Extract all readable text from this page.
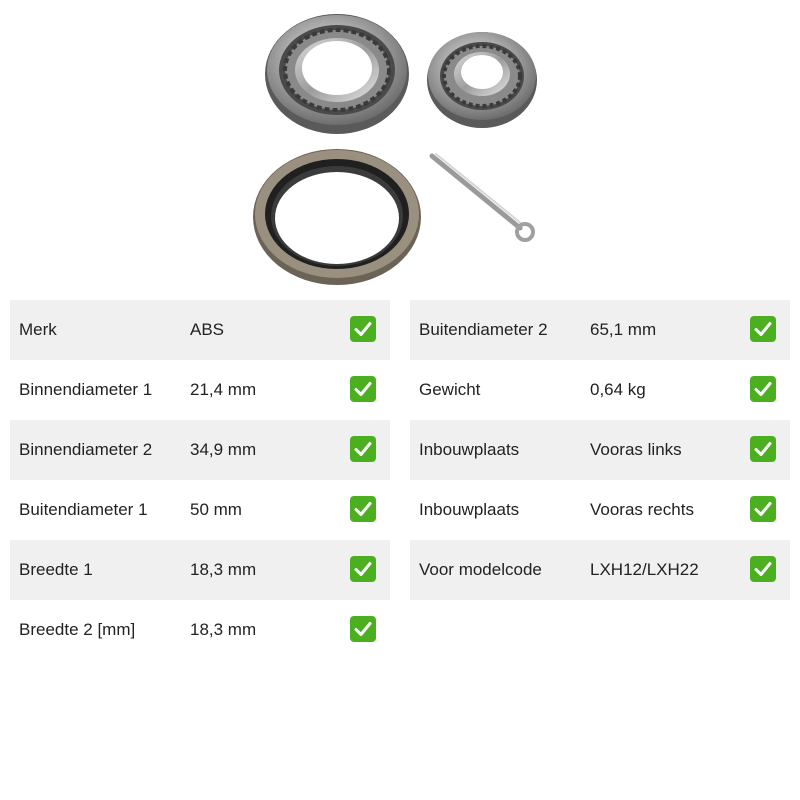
Merk	ABS
Binnendiameter 1 21,4 mm
Binnendiameter 2 34,9 mm
Buitendiameter 1 50 mm
Breedte 1	18,3 mm
Breedte 2 [mm]	18,3 mm
Buitendiameter 2 65,1 mm
Gewicht	0,64 kg
Inbouwplaats	Vooras links
Inbouwplaats	Vooras rechts
Voor modelcode	LXH12/LXH22
